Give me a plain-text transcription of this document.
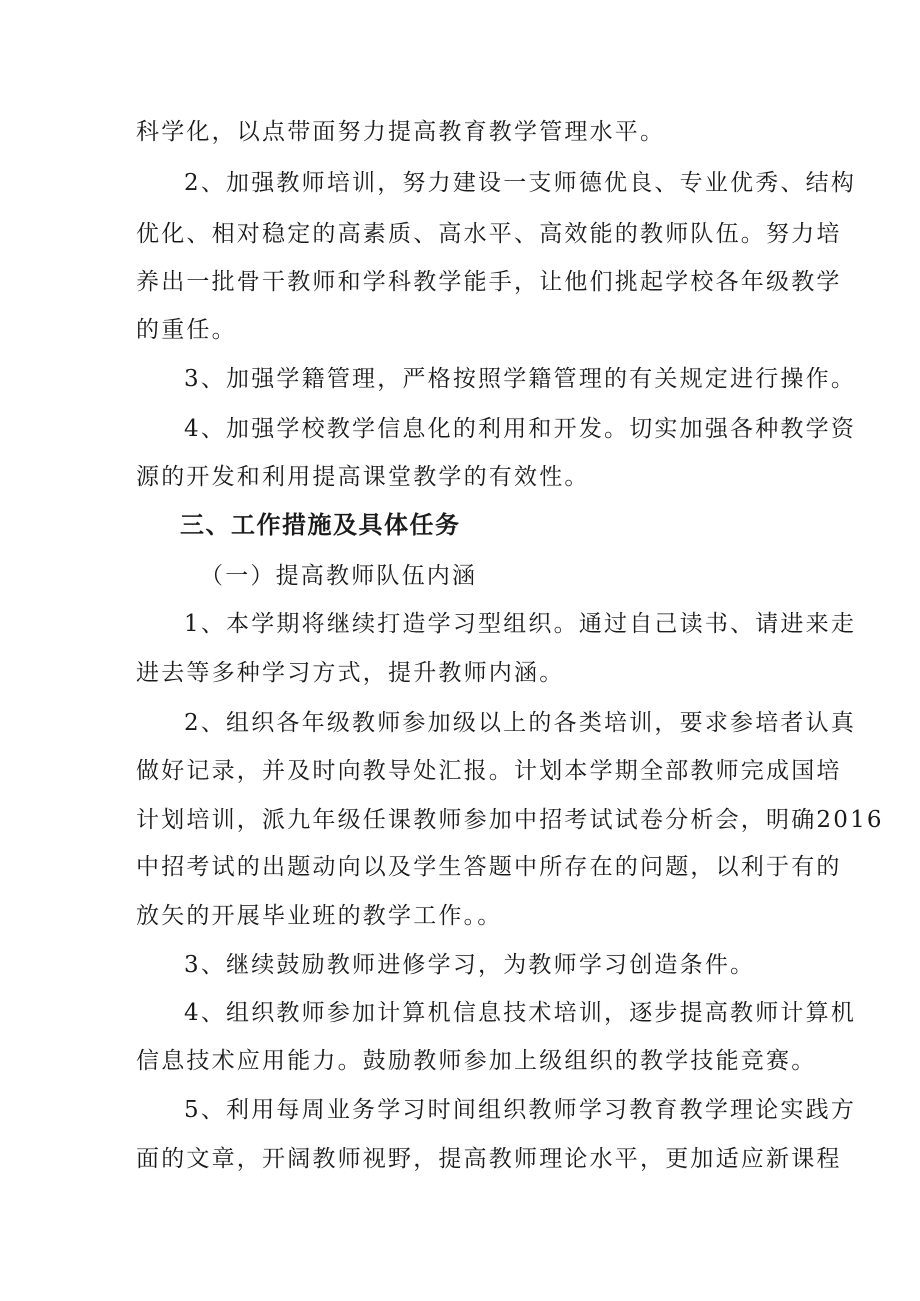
科学化，以点带面努力提高教育教学管理水平。
2、加强教师培训，努力建设一支师德优良、专业优秀、结构
优化、相对稳定的高素质、高水平、高效能的教师队伍。努力培
养出一批骨干教师和学科教学能手，让他们挑起学校各年级教学
的重任。
3、加强学籍管理，严格按照学籍管理的有关规定进行操作。
4、加强学校教学信息化的利用和开发。切实加强各种教学资
源的开发和利用提高课堂教学的有效性。
三、工作措施及具体任务
（一）提高教师队伍内涵
1、本学期将继续打造学习型组织。通过自己读书、请进来走
进去等多种学习方式，提升教师内涵。
2、组织各年级教师参加级以上的各类培训，要求参培者认真
做好记录，并及时向教导处汇报。计划本学期全部教师完成国培
计划培训，派九年级任课教师参加中招考试试卷分析会，明确2016
中招考试的出题动向以及学生答题中所存在的问题，以利于有的
放矢的开展毕业班的教学工作。。
3、继续鼓励教师进修学习，为教师学习创造条件。
4、组织教师参加计算机信息技术培训，逐步提高教师计算机
信息技术应用能力。鼓励教师参加上级组织的教学技能竞赛。
5、利用每周业务学习时间组织教师学习教育教学理论实践方
面的文章，开阔教师视野，提高教师理论水平，更加适应新课程
